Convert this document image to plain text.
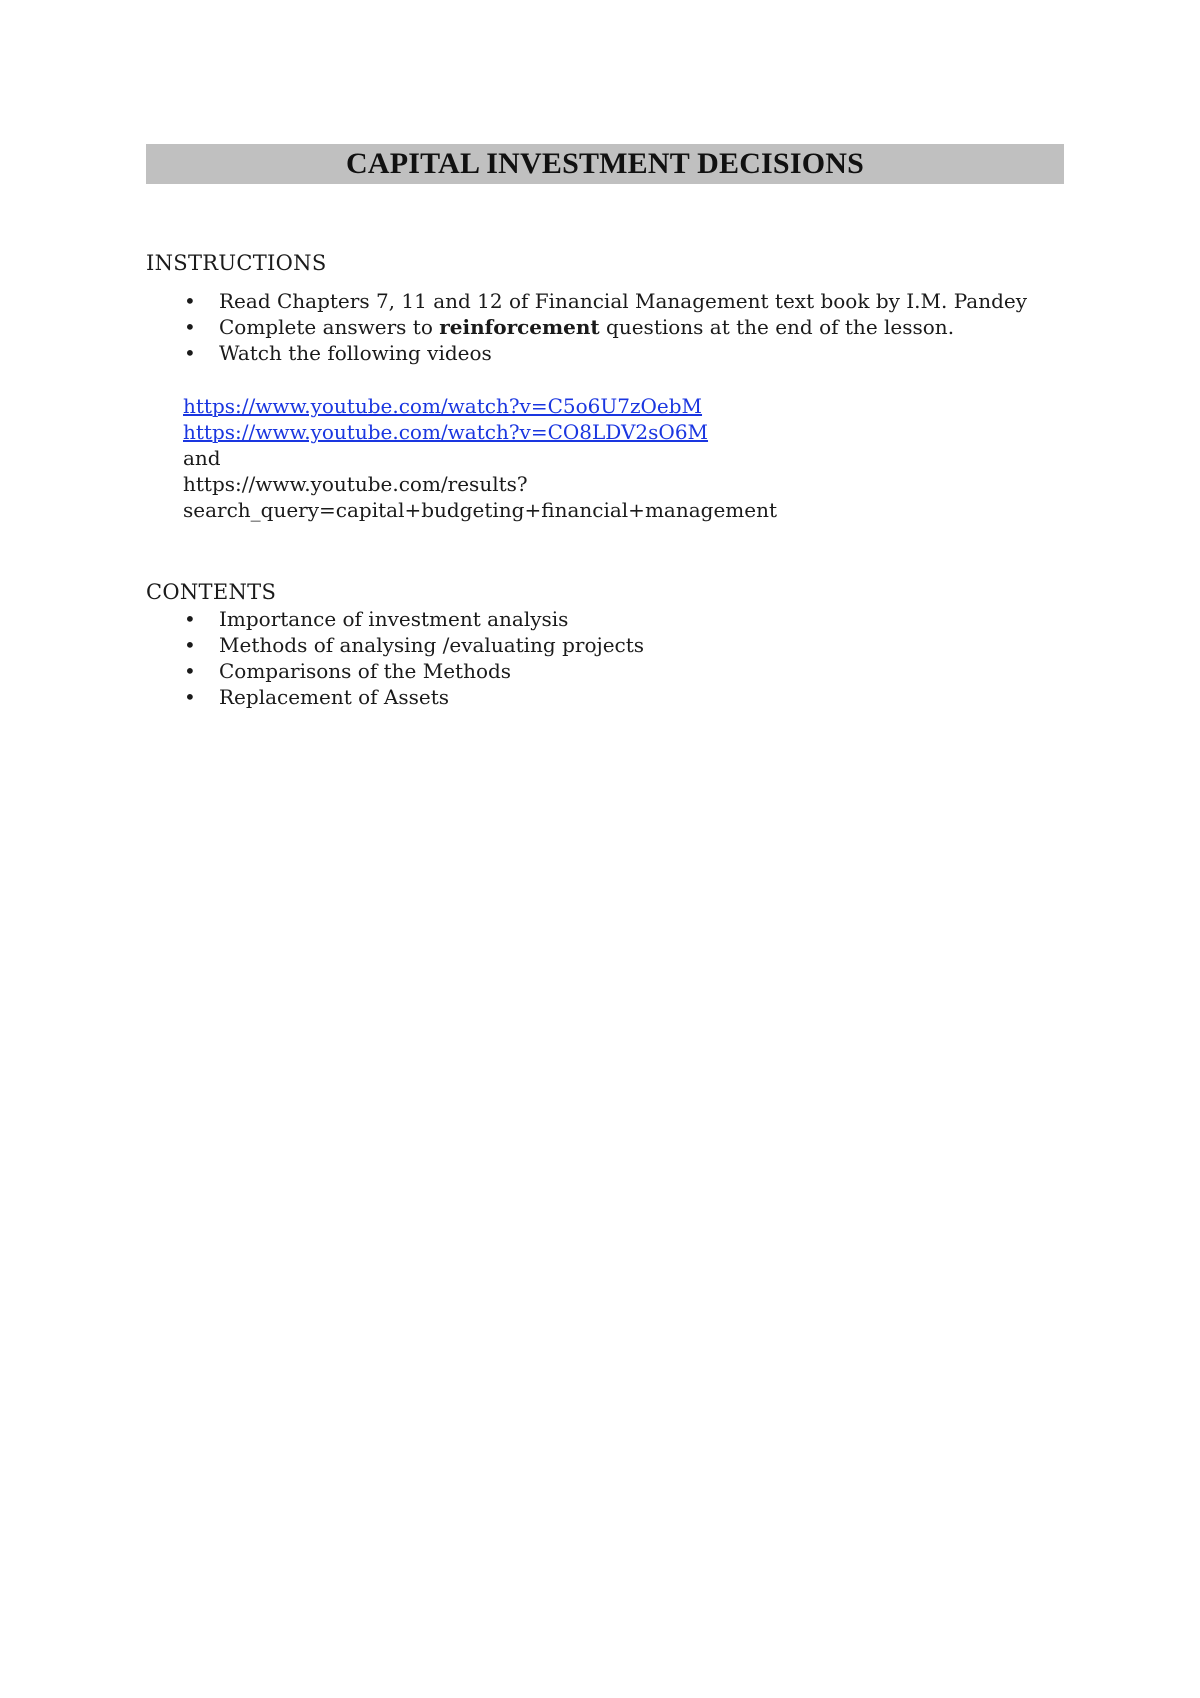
CAPITAL INVESTMENT DECISIONS
INSTRUCTIONS
• Read Chapters 7, 11 and 12 of Financial Management text book by I.M. Pandey
• Complete answers to reinforcement questions at the end of the lesson.
• Watch the following videos
https://www.youtube.com/watch?v=C5o6U7zOebM
https://www.youtube.com/watch?v=CO8LDV2sO6M
and
https://www.youtube.com/results?
search_query=capital+budgeting+financial+management
CONTENTS
• Importance of investment analysis
• Methods of analysing /evaluating projects
• Comparisons of the Methods
• Replacement of Assets
